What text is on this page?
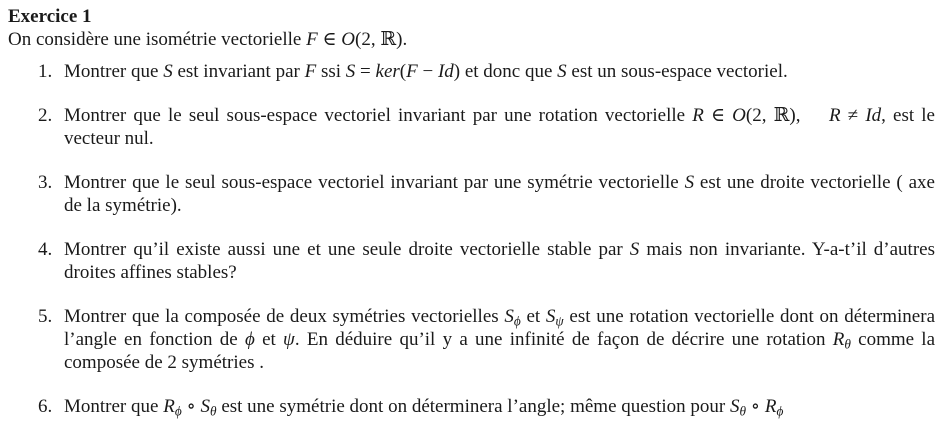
Exercice 1
On considère une isométrie vectorielle F ∈ O(2, ℝ).
1. Montrer que S est invariant par F ssi S = ker(F − Id) et donc que S est un sous-espace vectoriel.
2. Montrer que le seul sous-espace vectoriel invariant par une rotation vectorielle R ∈ O(2, ℝ),   R ≠ Id, est le vecteur nul.
3. Montrer que le seul sous-espace vectoriel invariant par une symétrie vectorielle S est une droite vectorielle ( axe de la symétrie).
4. Montrer qu’il existe aussi une et une seule droite vectorielle stable par S mais non invariante. Y-a-t’il d’autres droites affines stables?
5. Montrer que la composée de deux symétries vectorielles $S_\phi$ et $S_\psi$ est une rotation vectorielle dont on déterminera l’angle en fonction de ϕ et ψ. En déduire qu’il y a une infinité de façon de décrire une rotation $R_\theta$ comme la composée de 2 symétries .
6. Montrer que $R_\phi$ ∘ $S_\theta$ est une symétrie dont on déterminera l’angle; même question pour $S_\theta$ ∘ $R_\phi$
